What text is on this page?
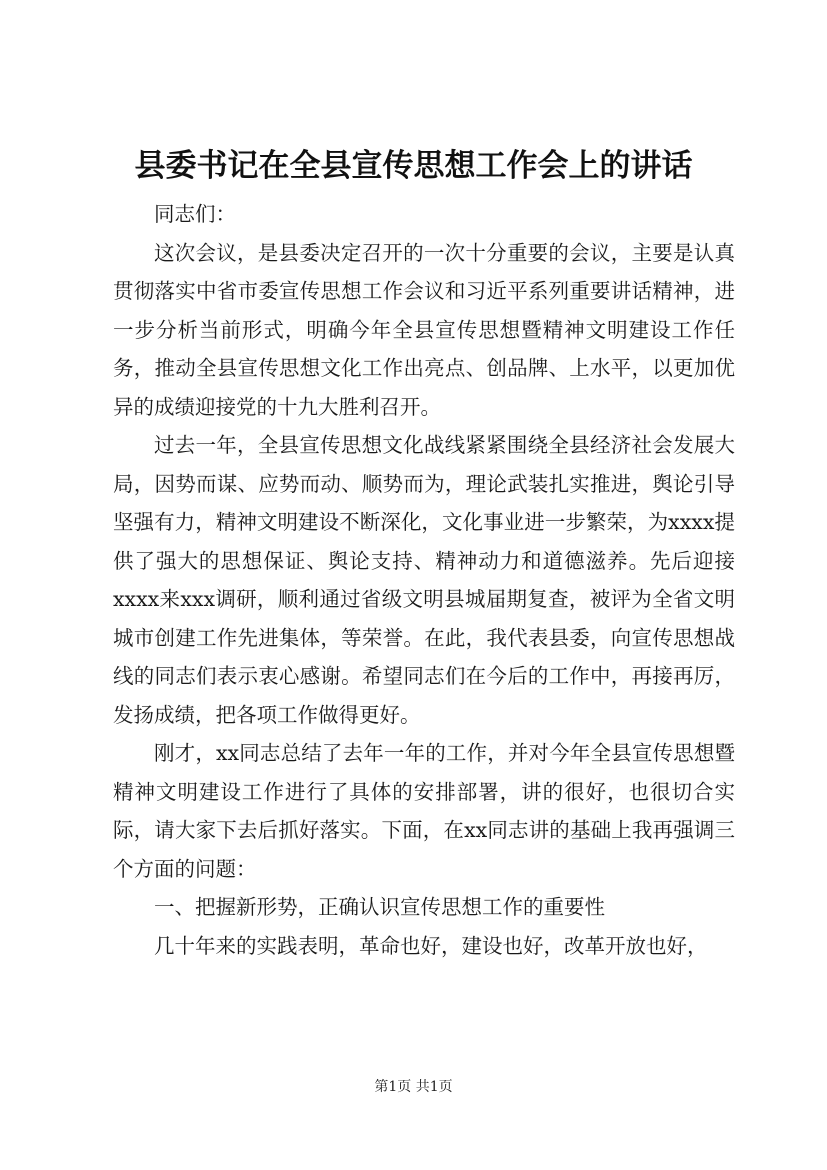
县委书记在全县宣传思想工作会上的讲话

同志们：

这次会议，是县委决定召开的一次十分重要的会议，主要是认真贯彻落实中省市委宣传思想工作会议和习近平系列重要讲话精神，进一步分析当前形式，明确今年全县宣传思想暨精神文明建设工作任务，推动全县宣传思想文化工作出亮点、创品牌、上水平，以更加优异的成绩迎接党的十九大胜利召开。

过去一年，全县宣传思想文化战线紧紧围绕全县经济社会发展大局，因势而谋、应势而动、顺势而为，理论武装扎实推进，舆论引导坚强有力，精神文明建设不断深化，文化事业进一步繁荣，为xxxx提供了强大的思想保证、舆论支持、精神动力和道德滋养。先后迎接xxxx来xxx调研，顺利通过省级文明县城届期复查，被评为全省文明城市创建工作先进集体，等荣誉。在此，我代表县委，向宣传思想战线的同志们表示衷心感谢。希望同志们在今后的工作中，再接再厉，发扬成绩，把各项工作做得更好。

刚才，xx同志总结了去年一年的工作，并对今年全县宣传思想暨精神文明建设工作进行了具体的安排部署，讲的很好，也很切合实际，请大家下去后抓好落实。下面，在xx同志讲的基础上我再强调三个方面的问题：

一、把握新形势，正确认识宣传思想工作的重要性

几十年来的实践表明，革命也好，建设也好，改革开放也好，

第1页 共1页
